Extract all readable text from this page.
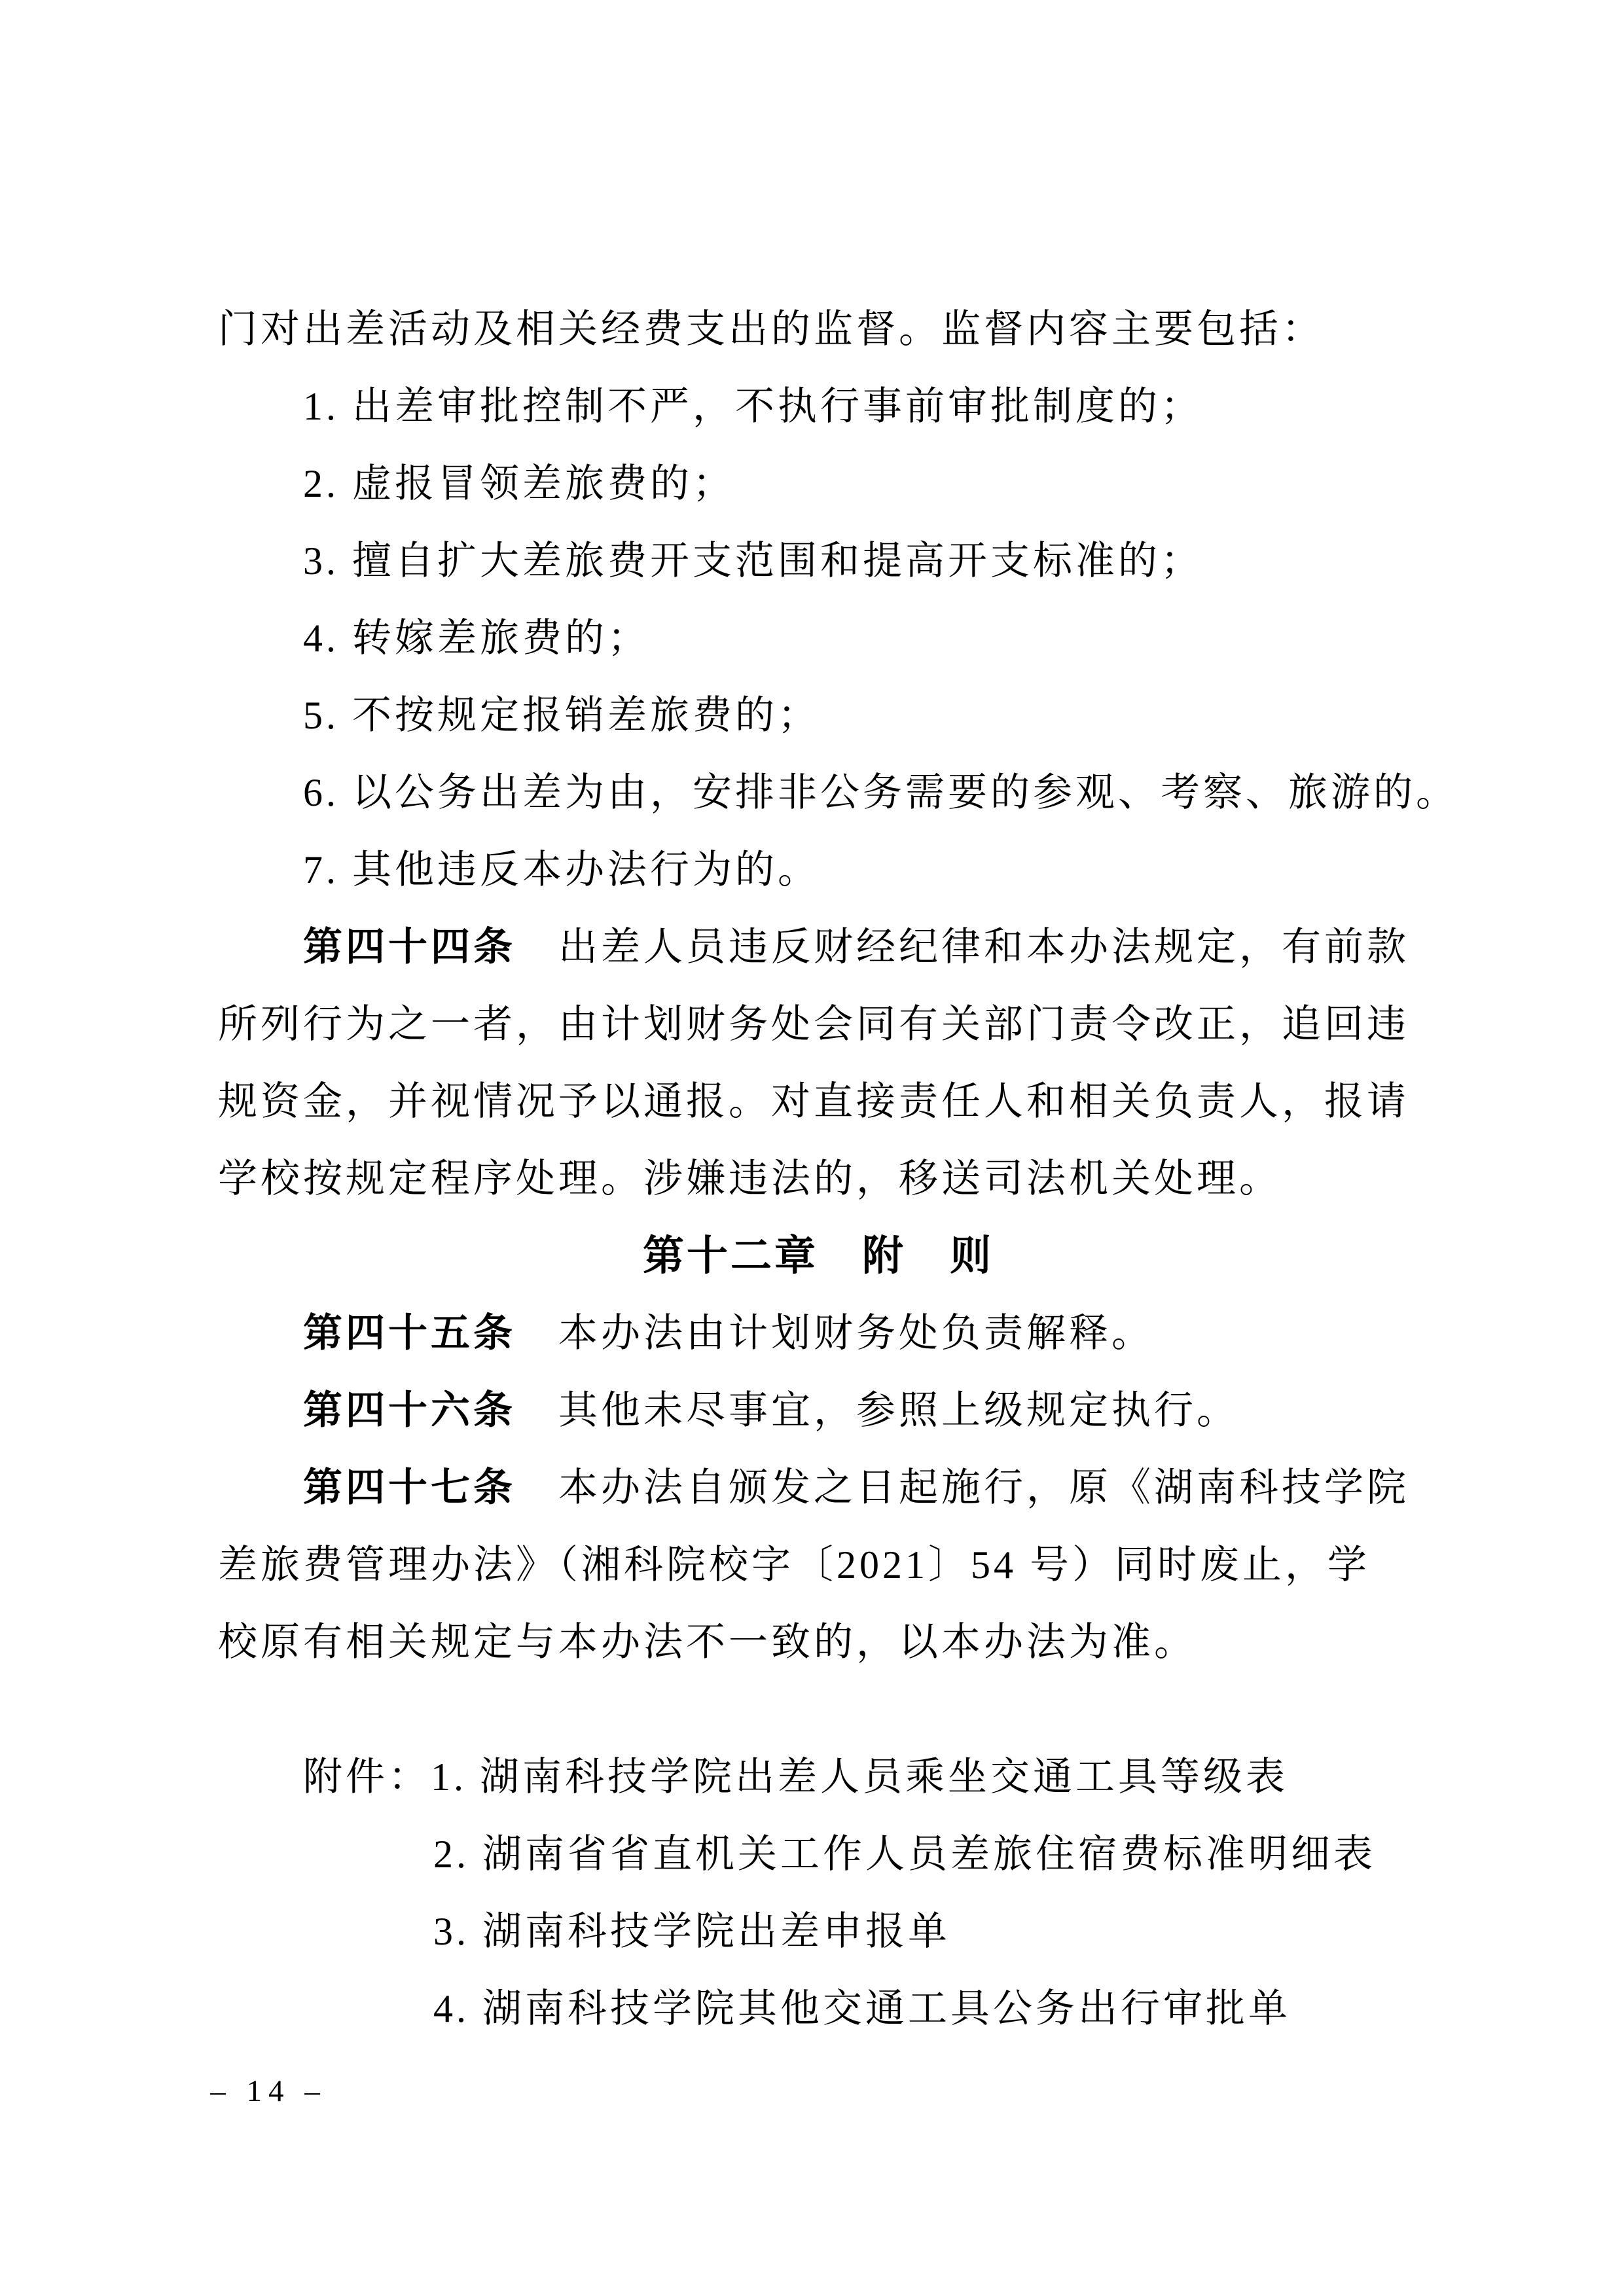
门对出差活动及相关经费支出的监督。监督内容主要包括：
1. 出差审批控制不严，不执行事前审批制度的；
2. 虚报冒领差旅费的；
3. 擅自扩大差旅费开支范围和提高开支标准的；
4. 转嫁差旅费的；
5. 不按规定报销差旅费的；
6. 以公务出差为由，安排非公务需要的参观、考察、旅游的。
7. 其他违反本办法行为的。
第四十四条　出差人员违反财经纪律和本办法规定，有前款
所列行为之一者，由计划财务处会同有关部门责令改正，追回违
规资金，并视情况予以通报。对直接责任人和相关负责人，报请
学校按规定程序处理。涉嫌违法的，移送司法机关处理。
第十二章　附　则
第四十五条　本办法由计划财务处负责解释。
第四十六条　其他未尽事宜，参照上级规定执行。
第四十七条　本办法自颁发之日起施行，原《湖南科技学院
差旅费管理办法》（湘科院校字〔2021〕54 号）同时废止，学
校原有相关规定与本办法不一致的，以本办法为准。
附件：1. 湖南科技学院出差人员乘坐交通工具等级表
2. 湖南省省直机关工作人员差旅住宿费标准明细表
3. 湖南科技学院出差申报单
4. 湖南科技学院其他交通工具公务出行审批单
– 14 –
